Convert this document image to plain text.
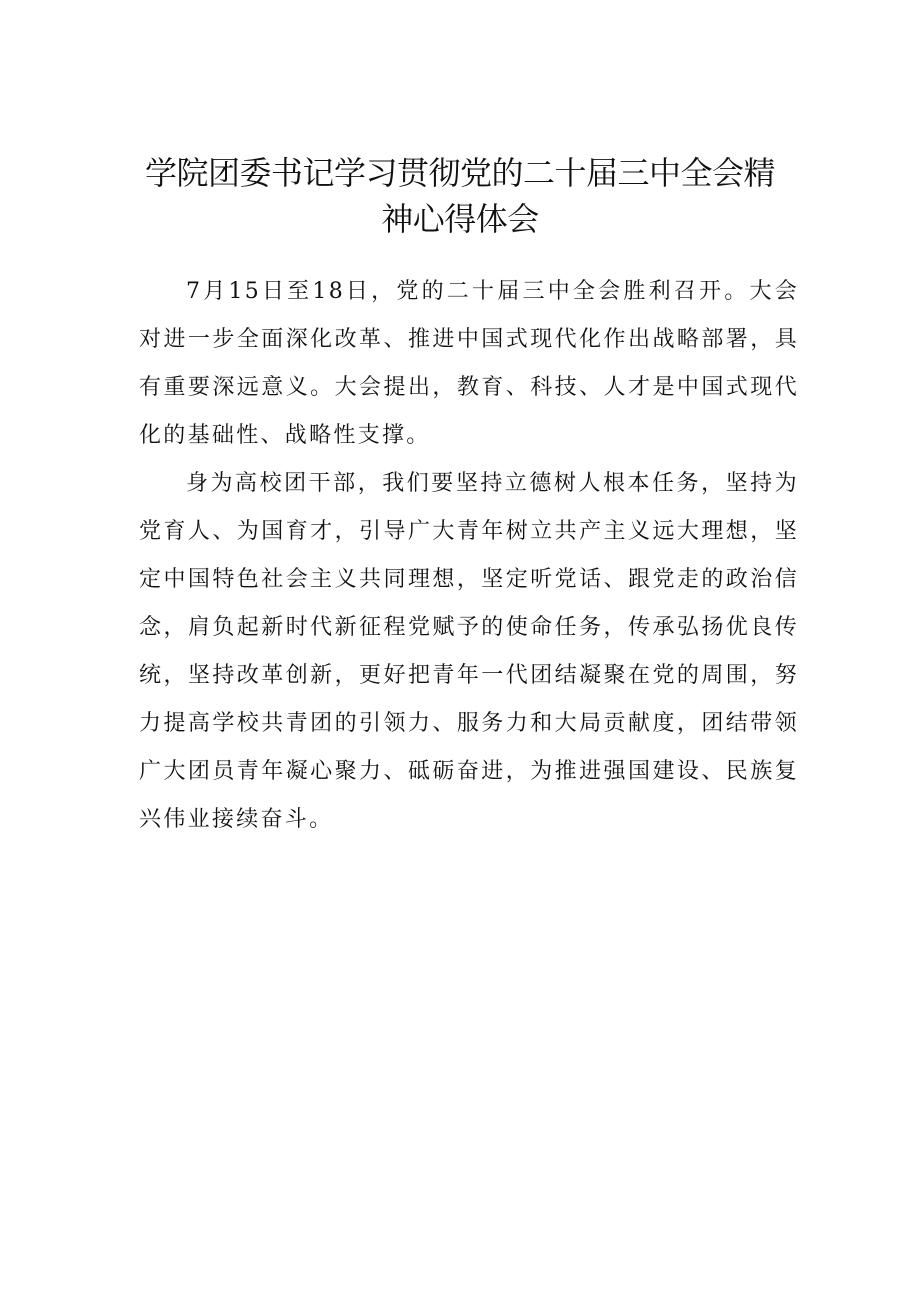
学院团委书记学习贯彻党的二十届三中全会精
神心得体会

7月15日至18日，党的二十届三中全会胜利召开。大会对进一步全面深化改革、推进中国式现代化作出战略部署，具有重要深远意义。大会提出，教育、科技、人才是中国式现代化的基础性、战略性支撑。

身为高校团干部，我们要坚持立德树人根本任务，坚持为党育人、为国育才，引导广大青年树立共产主义远大理想，坚定中国特色社会主义共同理想，坚定听党话、跟党走的政治信念，肩负起新时代新征程党赋予的使命任务，传承弘扬优良传统，坚持改革创新，更好把青年一代团结凝聚在党的周围，努力提高学校共青团的引领力、服务力和大局贡献度，团结带领广大团员青年凝心聚力、砥砺奋进，为推进强国建设、民族复兴伟业接续奋斗。
